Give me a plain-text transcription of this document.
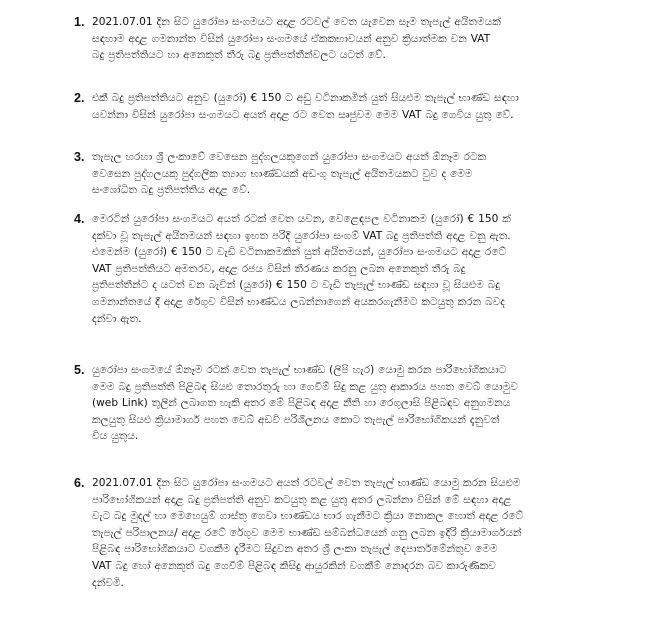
1. 2021.07.01 දින සිට යුරෝපා සංගමයට අදාළ රටවල් වෙත යැවෙන සෑම තැපැල් අයිතමයක්
සඳහාම අදාළ ගමනාන්ත විසින් යුරෝපා සංගමයේ ඒකකභාවයන් අනුව ක්‍රියාත්මක වන VAT
බදු ප්‍රතිපත්තියට හා අනෙකුත් තීරු බදු ප්‍රතිපත්තීන්වලට යටත් වේ.
2. එකී බදු ප්‍රතිපත්තියට අනුව (යුරෝ) € 150 ට අඩු වටිනාකමින් යුත් සියළුම තැපැල් භාණ්ඩ සඳහා
යවන්නා විසින් යුරෝපා සංගමයට අයත් අදාළ රට වෙත සෘජුවම මෙම VAT බදු ගෙවිය යුතු වේ.
3. තැපැල හරහා ශ්‍රී ලංකාවේ වෙසෙන පුද්ගලයකුගෙන් යුරෝපා සංගමයට අයත් ඕනෑම රටක
වෙසෙන පුද්ගලයකු පුද්ගලික ත්‍යාග භාණ්ඩයක් අඩංගු තැපැල් අයිතමයකට වුව ද මෙම
සංශෝධිත බදු ප්‍රතිපත්තිය අදාළ වේ.
4. මෙරටින් යුරෝපා සංගමයට අයත් රටක් වෙත යවන, වෙළෙඳපල වටිනාකම (යුරෝ) € 150 ක්
දක්වා වූ තැපැල් අයිතමයන් සඳහා ඉහත පරිදි යුරෝපා සංගම් VAT බදු ප්‍රතිපත්ති අදාළ වනු ඇත.
එමෙන්ම (යුරෝ) € 150 ට වැඩි වටිනාකමකින් යුත් අයිතමයන්, යුරෝපා සංගමයට අදාළ රටේ
VAT ප්‍රතිපත්තියට අමතරව, අදාළ රජය විසින් තීරණය කරනු ලබන අනෙකුත් තීරු බදු
ප්‍රතිපත්තීන්ට ද යටත් වන බැවින් (යුරෝ) € 150 ට වැඩි තැපැල් භාණ්ඩ සඳහා වූ සියළුම බදු
ගමනාන්තයේ දී අදාළ රේගුව විසින් භාණ්ඩය ලබන්නාගෙන් අයකරගැනීමට කටයුතු කරන බවද
දන්වා ඇත.
5. යුරෝපා සංගමයේ ඕනෑම රටක් වෙත තැපැල් භාණ්ඩ (ලිපි හැර) යොමු කරන පාරිභෝගිකයාට
මෙම බදු ප්‍රතිපත්ති පිළිබඳ සියළු තොරතුරු හා ගෙවීම් සිදු කළ යුතු ආකාරය පහත වෙබ් යොමුව
(web Link) තුලින් ලබාගත හැකි අතර මේ පිළිබඳ අදාළ නීති හා රෙගුලාසි පිළිබඳව අනුගමනය
කලයුතු සියළු ක්‍රියාමාර්ග පහත වෙබ් අඩවි පරිශීලනය කොට තැපැල් පාරිභෝගිකයන් දැනුවත්
විය යුතුය.
6. 2021.07.01 දින සිට යුරෝපා සංගමයට අයත් රටවල් වෙත තැපැල් භාණ්ඩ යොමු කරන සියළුම
පාරිභෝගිකයන් අදාළ බදු ප්‍රතිපත්ති අනුව කටයුතු කළ යුතු අතර ලබන්නා විසින් මේ සඳහා අදාළ
වැට බදු මුදල් හා මෙහෙයුම් ගාස්තු ගෙවා භාණ්ඩය භාර ගැනීමට ක්‍රියා නොකල හොත් අදාළ රටේ
තැපැල් පරිපාලනය/ අදාළ රටේ රේගුව මෙම භාණ්ඩ සම්බන්ධයෙන් ගනු ලබන ඉදිරි ක්‍රියාමාර්ගයන්
පිළිබඳ පාරිභෝගිකයාට වගකීම දැරීමට සිදුවන අතර ශ්‍රී ලංකා තැපැල් දෙපාර්තමේන්තුව මෙම
VAT බදු හෝ අනෙකුත් බදු ගෙවීම් පිළිබඳ කිසිදු ආයුරකින් වගකීම් නොදරන බව කාරුණිකව
දන්වමි.
